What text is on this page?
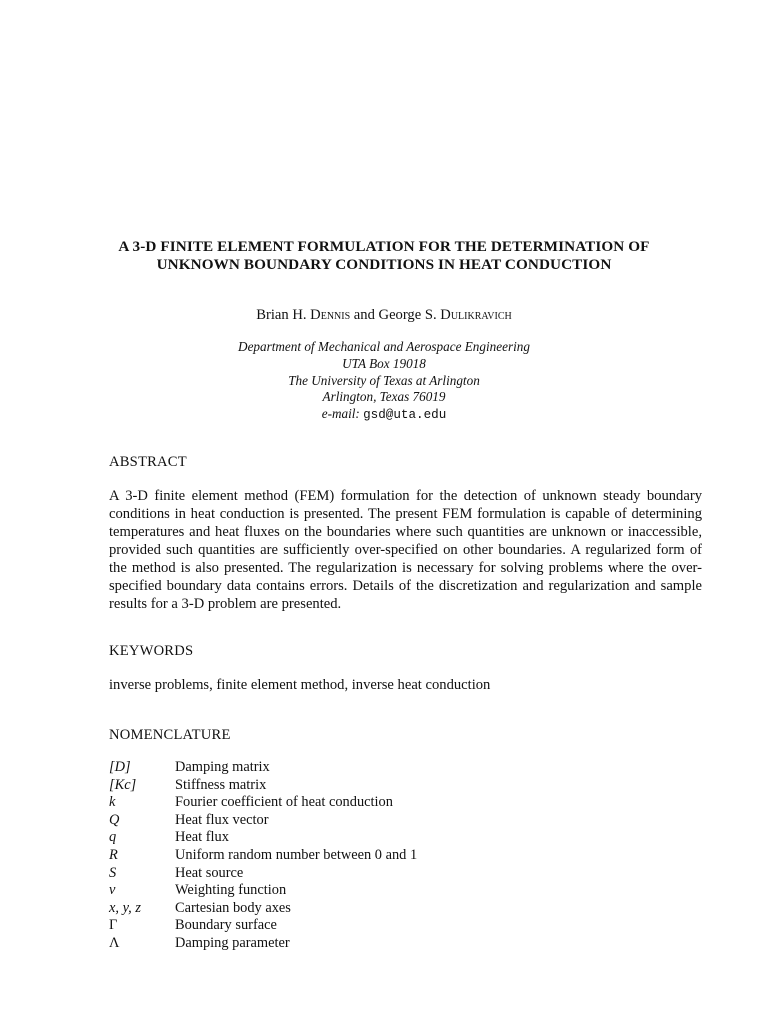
A 3-D FINITE ELEMENT FORMULATION FOR THE DETERMINATION OF
UNKNOWN BOUNDARY CONDITIONS IN HEAT CONDUCTION
Brian H. Dennis and George S. Dulikravich
Department of Mechanical and Aerospace Engineering
UTA Box 19018
The University of Texas at Arlington
Arlington, Texas 76019
e-mail: gsd@uta.edu
ABSTRACT
A 3-D finite element method (FEM) formulation for the detection of unknown steady boundary conditions in heat conduction is presented. The present FEM formulation is capable of determining temperatures and heat fluxes on the boundaries where such quantities are unknown or inaccessible, provided such quantities are sufficiently over-specified on other boundaries. A regularized form of the method is also presented. The regularization is necessary for solving problems where the over-specified boundary data contains errors. Details of the discretization and regularization and sample results for a 3-D problem are presented.
KEYWORDS
inverse problems, finite element method, inverse heat conduction
NOMENCLATURE
[D]	Damping matrix
[Kc]	Stiffness matrix
k	Fourier coefficient of heat conduction
Q	Heat flux vector
q⃗	Heat flux
R	Uniform random number between 0 and 1
S	Heat source
v	Weighting function
x, y, z	Cartesian body axes
Γ	Boundary surface
Λ	Damping parameter
